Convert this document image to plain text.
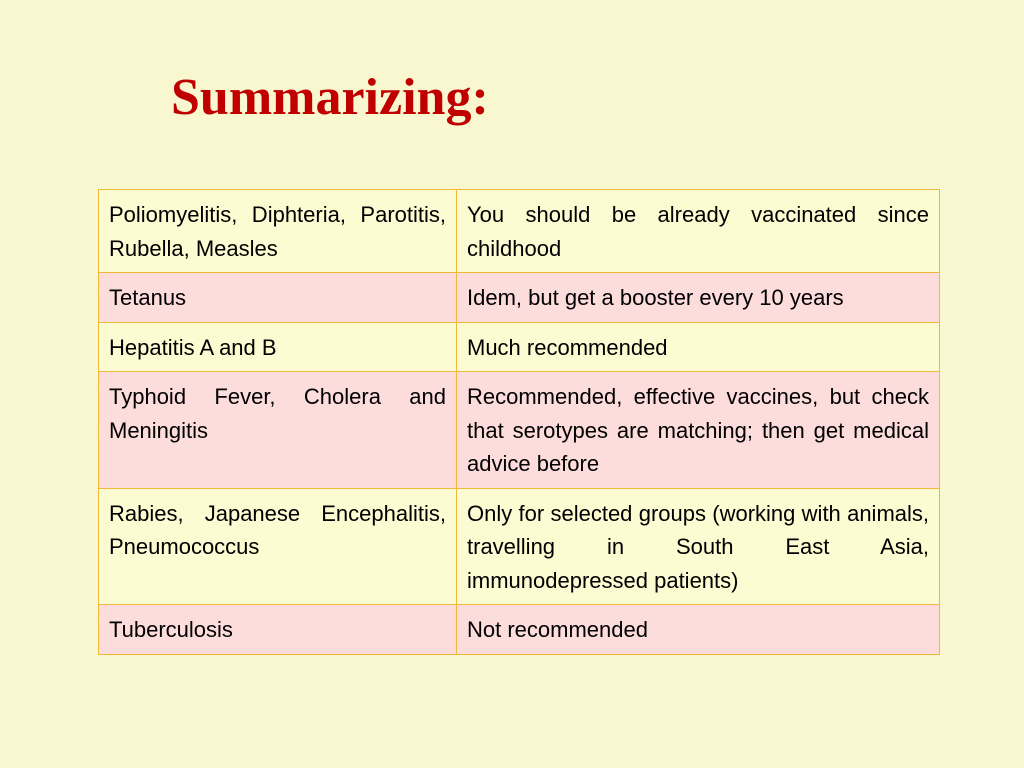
Summarizing:
Poliomyelitis, Diphteria, Parotitis, Rubella, Measles	You should be already vaccinated since childhood
Tetanus	Idem, but get a booster every 10 years
Hepatitis A and B	Much recommended
Typhoid Fever, Cholera and Meningitis	Recommended, effective vaccines, but check that serotypes are matching; then get medical advice before
Rabies, Japanese Encephalitis, Pneumococcus	Only for selected groups (working with animals, travelling in South East Asia, immunodepressed patients)
Tuberculosis	Not recommended
